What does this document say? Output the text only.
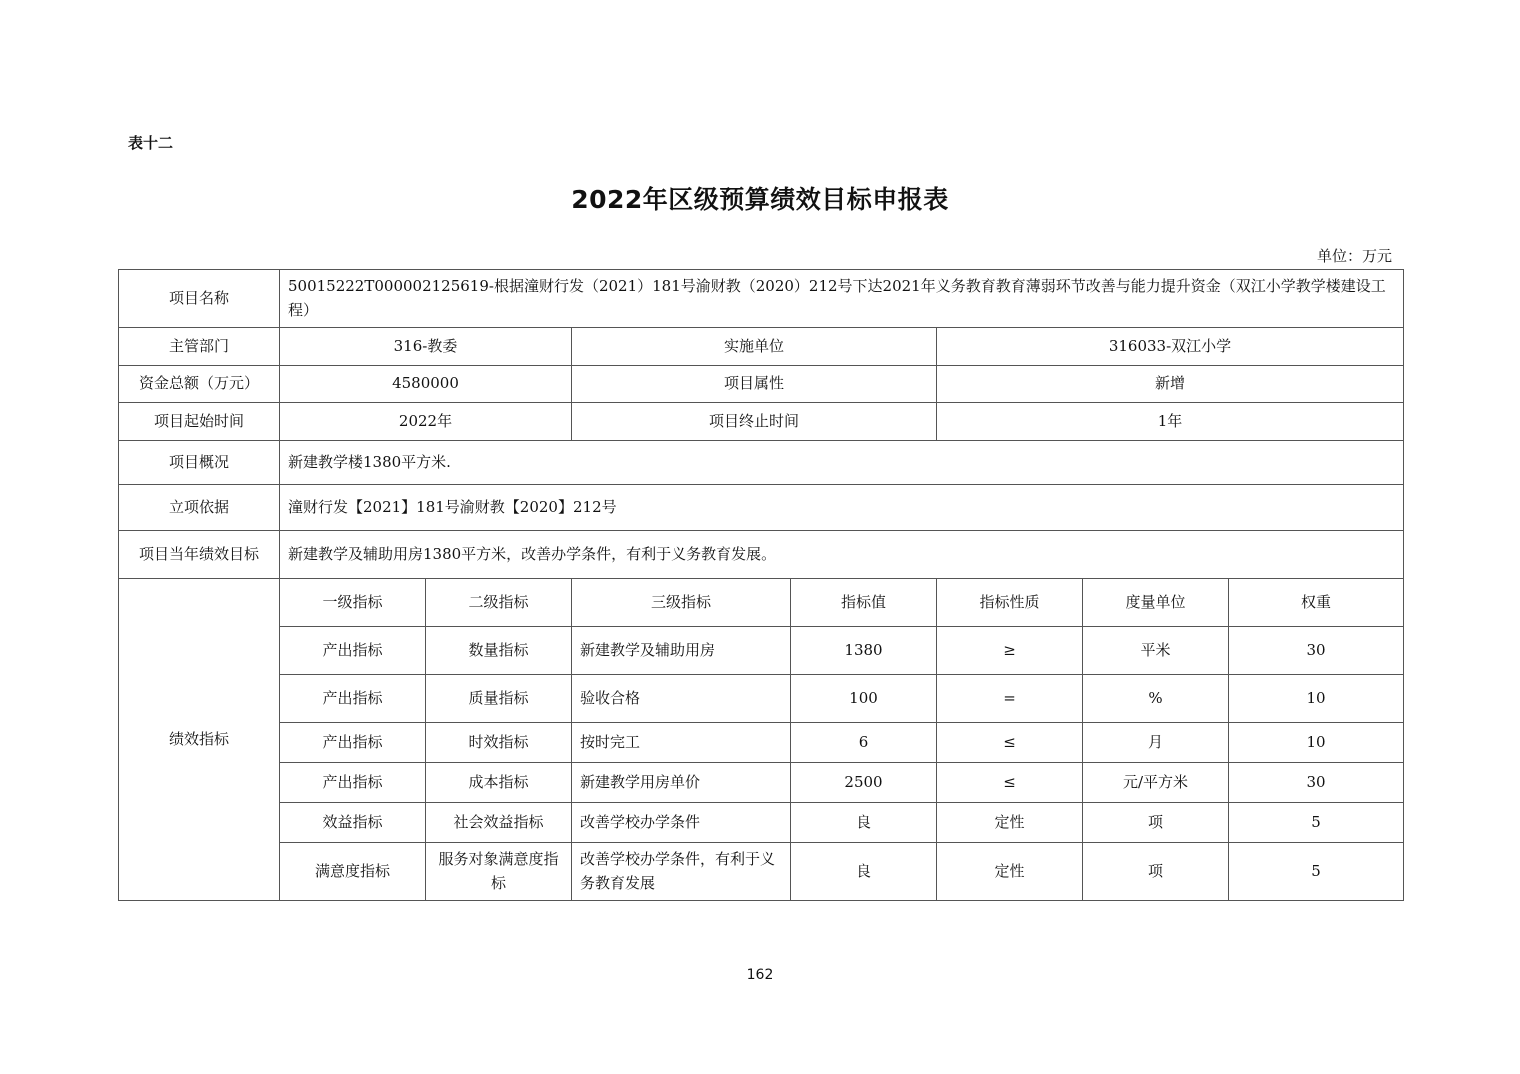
表十二
2022年区级预算绩效目标申报表
单位：万元
项目名称	50015222T000002125619-根据潼财行发（2021）181号渝财教（2020）212号下达2021年义务教育教育薄弱环节改善与能力提升资金（双江小学教学楼建设工程）						
主管部门	316-教委		实施单位		316033-双江小学		
资金总额（万元）	4580000		项目属性		新增		
项目起始时间	2022年		项目终止时间		1年		
项目概况	新建教学楼1380平方米.						
立项依据	潼财行发【2021】181号渝财教【2020】212号						
项目当年绩效目标	新建教学及辅助用房1380平方米，改善办学条件，有利于义务教育发展。						
绩效指标	一级指标	二级指标	三级指标	指标值	指标性质	度量单位	权重
	产出指标	数量指标	新建教学及辅助用房	1380	≥	平米	30
	产出指标	质量指标	验收合格	100	=	%	10
	产出指标	时效指标	按时完工	6	≤	月	10
	产出指标	成本指标	新建教学用房单价	2500	≤	元/平方米	30
	效益指标	社会效益指标	改善学校办学条件	良	定性	项	5
	满意度指标	服务对象满意度指标	改善学校办学条件，有利于义务教育发展	良	定性	项	5
162
